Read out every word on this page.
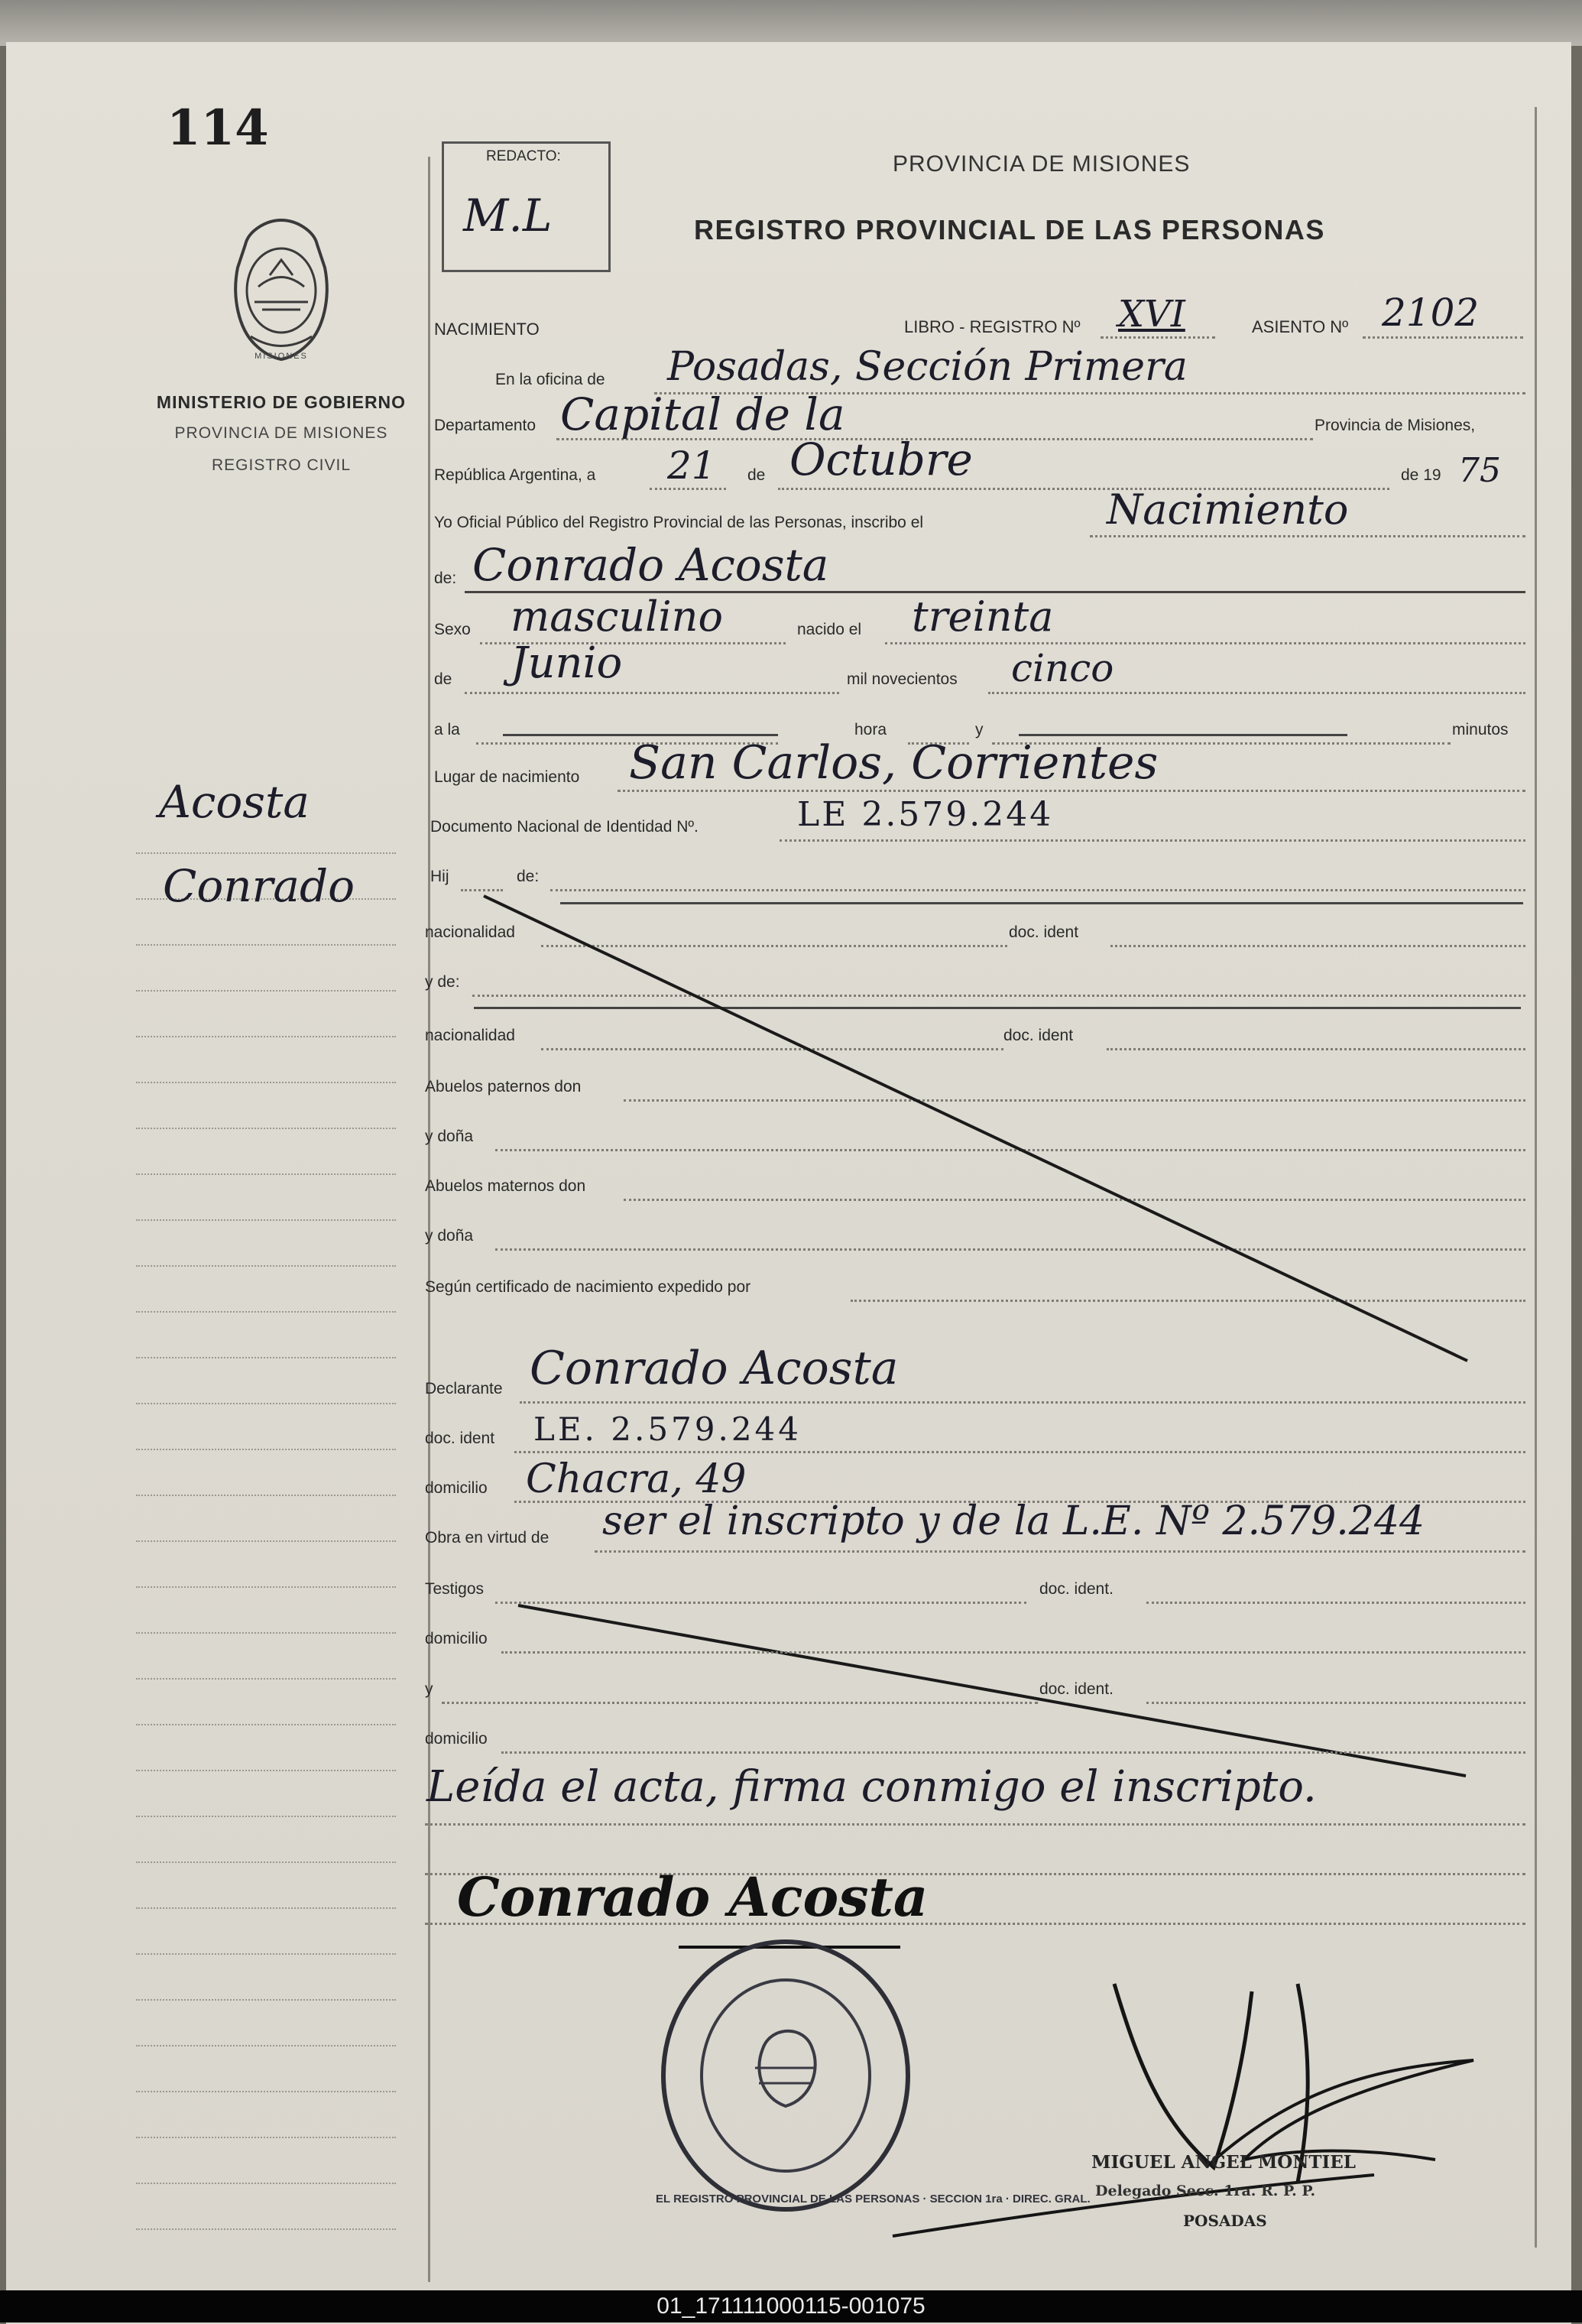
114
MISIONES
MINISTERIO DE GOBIERNO
PROVINCIA DE MISIONES
REGISTRO CIVIL
Acosta
Conrado
REDACTO:
M.L
PROVINCIA DE MISIONES
REGISTRO PROVINCIAL DE LAS PERSONAS
NACIMIENTO	LIBRO - REGISTRO Nº XVI	ASIENTO Nº 2102
En la oficina de Posadas, Sección Primera
Departamento Capital de la	Provincia de Misiones,
República Argentina, a 21 de Octubre	de 19 75
Yo Oficial Público del Registro Provincial de las Personas, inscribo el	Nacimiento
de: Conrado Acosta
Sexo masculino	nacido el treinta
de Junio	mil novecientos cinco
a la	hora	y	minutos
Lugar de nacimiento San Carlos, Corrientes
Documento Nacional de Identidad Nº.	LE 2.579.244
Hij	de:
nacionalidad	doc. ident
y de:
nacionalidad	doc. ident
Abuelos paternos don
y doña
Abuelos maternos don
y doña
Según certificado de nacimiento expedido por
Declarante Conrado Acosta
doc. ident LE. 2.579.244
domicilio Chacra, 49
Obra en virtud de ser el inscripto y de la L.E. Nº 2.579.244
Testigos	doc. ident.
domicilio
y	doc. ident.
domicilio
Leída el acta, firma conmigo el inscripto.
Conrado Acosta
EL REGISTRO PROVINCIAL DE LAS PERSONAS · SECCION 1ra · DIREC. GRAL.
MIGUEL ANGEL MONTIEL
Delegado Secc. 1ra. R. P. P.
POSADAS
01_171111000115-001075
